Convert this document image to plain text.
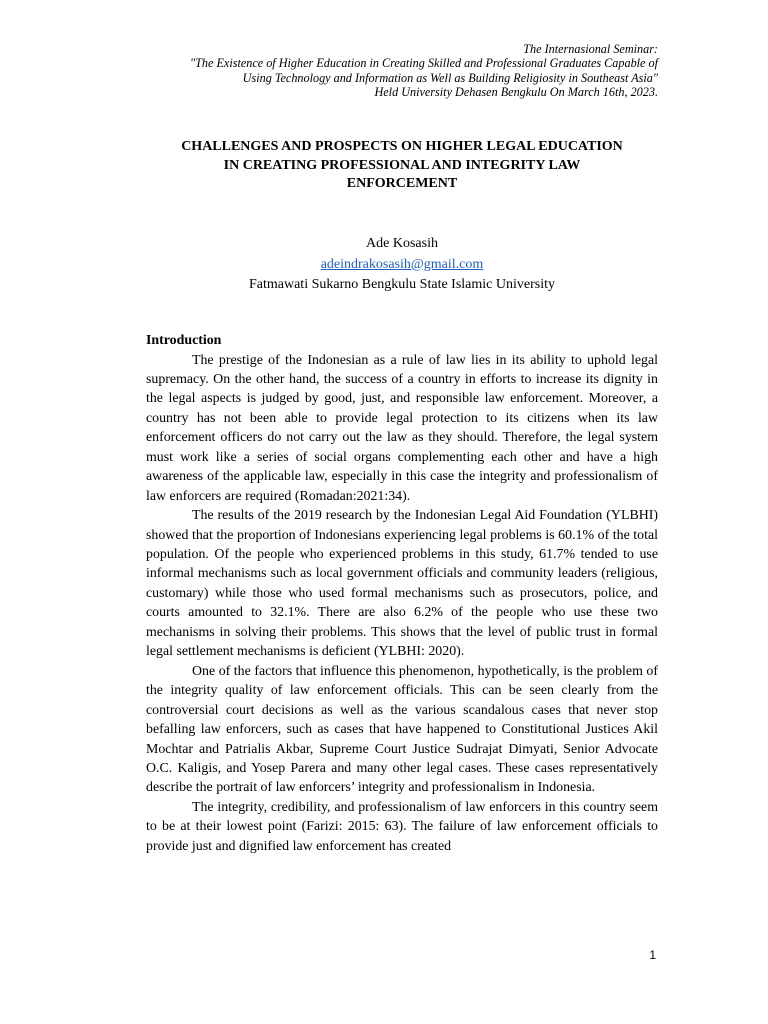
The Internasional Seminar:
"The Existence of Higher Education in Creating Skilled and Professional Graduates Capable of
Using Technology and Information as Well as Building Religiosity in Southeast Asia"
Held University Dehasen Bengkulu On March 16th, 2023.
CHALLENGES AND PROSPECTS ON HIGHER LEGAL EDUCATION
IN CREATING PROFESSIONAL AND INTEGRITY LAW
ENFORCEMENT
Ade Kosasih
adeindrakosasih@gmail.com
Fatmawati Sukarno Bengkulu State Islamic University

Introduction

The prestige of the Indonesian as a rule of law lies in its ability to uphold legal supremacy. On the other hand, the success of a country in efforts to increase its dignity in the legal aspects is judged by good, just, and responsible law enforcement. Moreover, a country has not been able to provide legal protection to its citizens when its law enforcement officers do not carry out the law as they should. Therefore, the legal system must work like a series of social organs complementing each other and have a high awareness of the applicable law, especially in this case the integrity and professionalism of law enforcers are required (Romadan:2021:34).

The results of the 2019 research by the Indonesian Legal Aid Foundation (YLBHI) showed that the proportion of Indonesians experiencing legal problems is 60.1% of the total population. Of the people who experienced problems in this study, 61.7% tended to use informal mechanisms such as local government officials and community leaders (religious, customary) while those who used formal mechanisms such as prosecutors, police, and courts amounted to 32.1%. There are also 6.2% of the people who use these two mechanisms in solving their problems. This shows that the level of public trust in formal legal settlement mechanisms is deficient (YLBHI: 2020).

One of the factors that influence this phenomenon, hypothetically, is the problem of the integrity quality of law enforcement officials. This can be seen clearly from the controversial court decisions as well as the various scandalous cases that never stop befalling law enforcers, such as cases that have happened to Constitutional Justices Akil Mochtar and Patrialis Akbar, Supreme Court Justice Sudrajat Dimyati, Senior Advocate O.C. Kaligis, and Yosep Parera and many other legal cases. These cases representatively describe the portrait of law enforcers’ integrity and professionalism in Indonesia.

The integrity, credibility, and professionalism of law enforcers in this country seem to be at their lowest point (Farizi: 2015: 63). The failure of law enforcement officials to provide just and dignified law enforcement has created

1
